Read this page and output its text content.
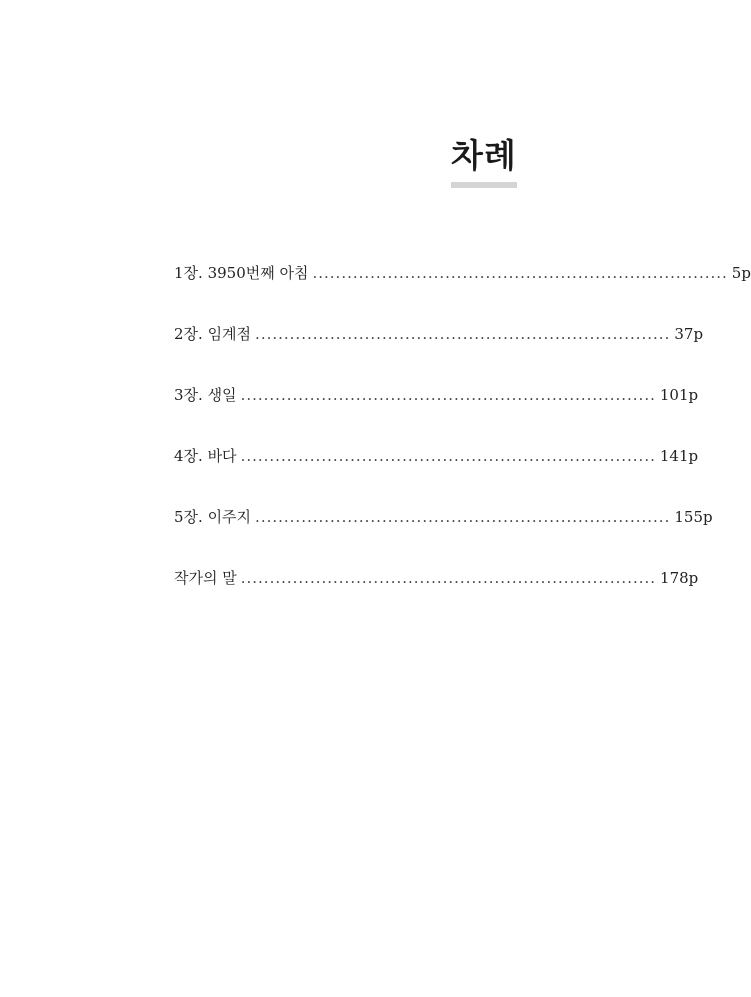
차례
1장. 3950번째 아침 ........................................................................ 5p
2장. 임계점 ........................................................................ 37p
3장. 생일 ........................................................................ 101p
4장. 바다 ........................................................................ 141p
5장. 이주지 ........................................................................ 155p
작가의 말 ........................................................................ 178p
